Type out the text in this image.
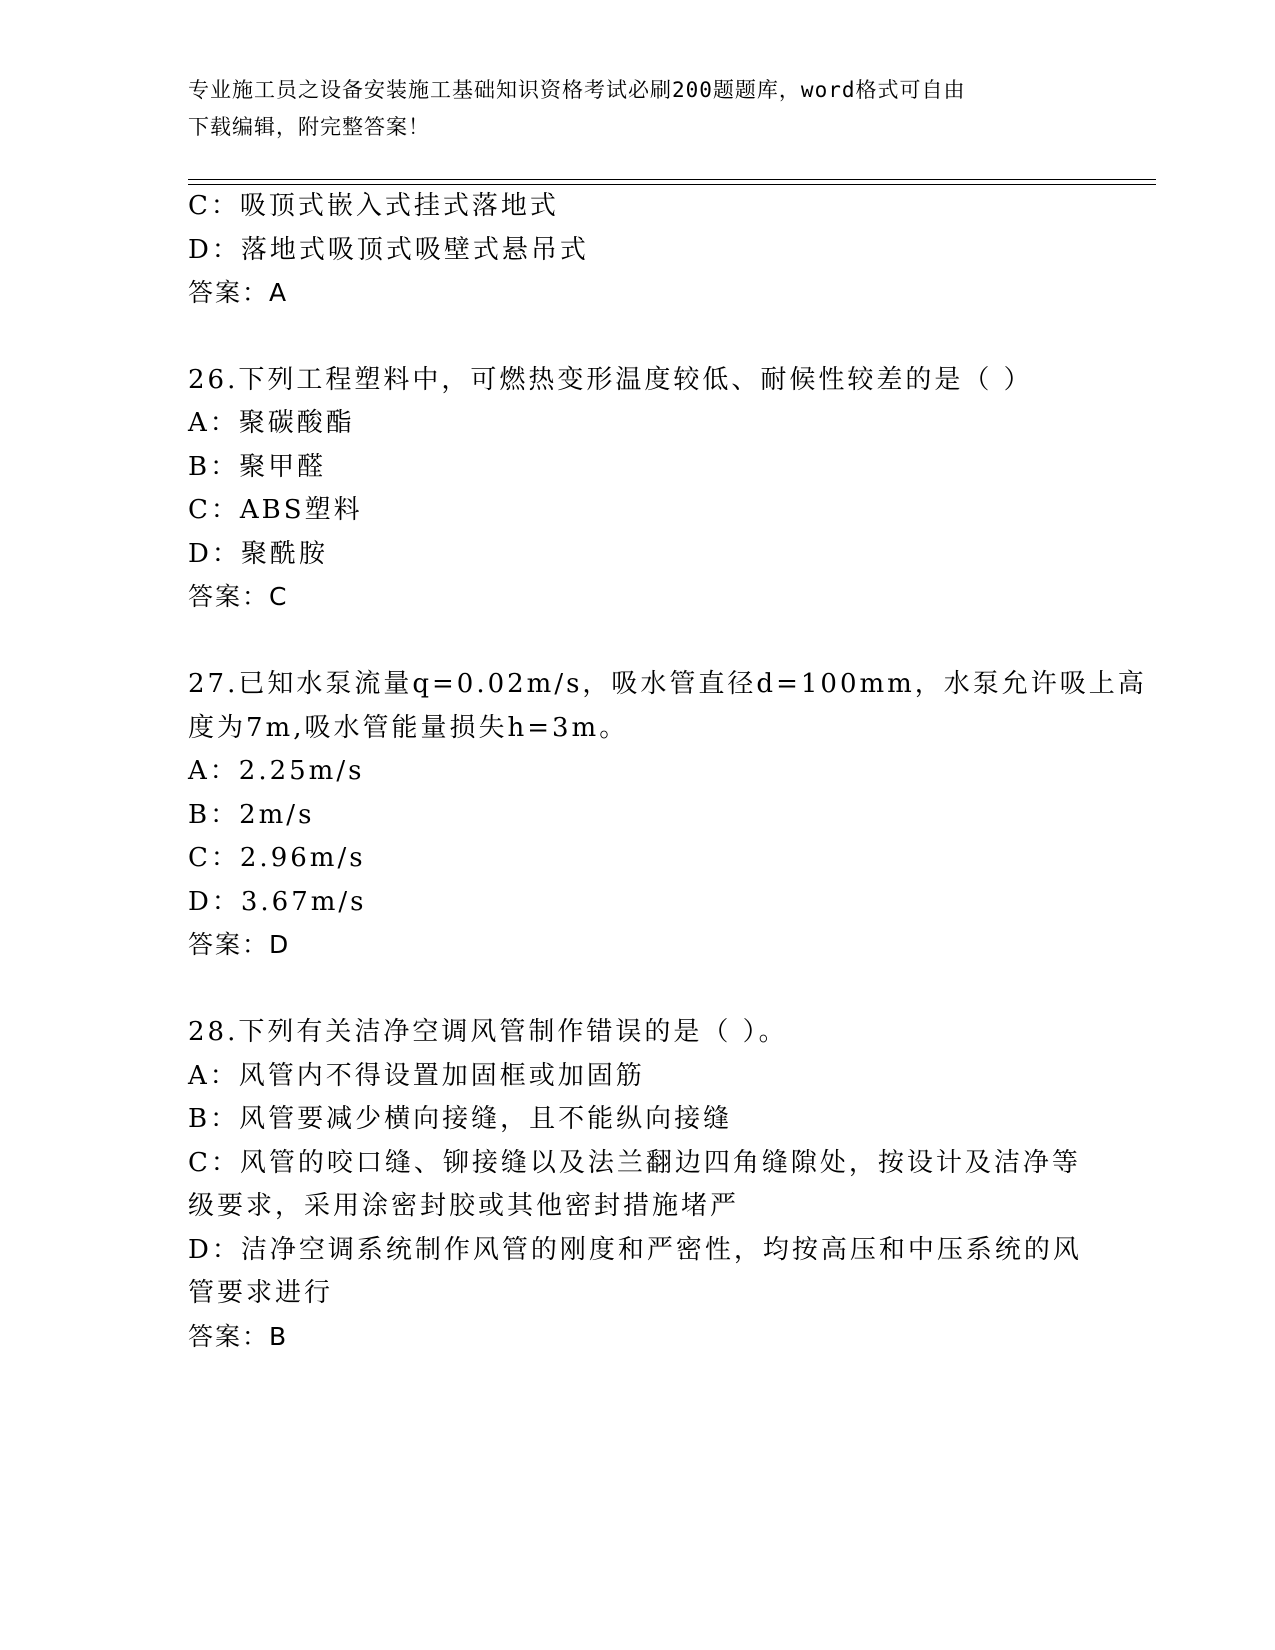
专业施工员之设备安装施工基础知识资格考试必刷200题题库，word格式可自由
下载编辑，附完整答案！
C：吸顶式嵌入式挂式落地式
D：落地式吸顶式吸壁式悬吊式
答案：A
26.下列工程塑料中，可燃热变形温度较低、耐候性较差的是（ ）
A：聚碳酸酯
B：聚甲醛
C：ABS塑料
D：聚酰胺
答案：C
27.已知水泵流量q=0.02m/s，吸水管直径d=100mm，水泵允许吸上高
度为7m,吸水管能量损失h=3m。
A：2.25m/s
B：2m/s
C：2.96m/s
D：3.67m/s
答案：D
28.下列有关洁净空调风管制作错误的是（ ）。
A：风管内不得设置加固框或加固筋
B：风管要减少横向接缝，且不能纵向接缝
C：风管的咬口缝、铆接缝以及法兰翻边四角缝隙处，按设计及洁净等
级要求，采用涂密封胶或其他密封措施堵严
D：洁净空调系统制作风管的刚度和严密性，均按高压和中压系统的风
管要求进行
答案：B
